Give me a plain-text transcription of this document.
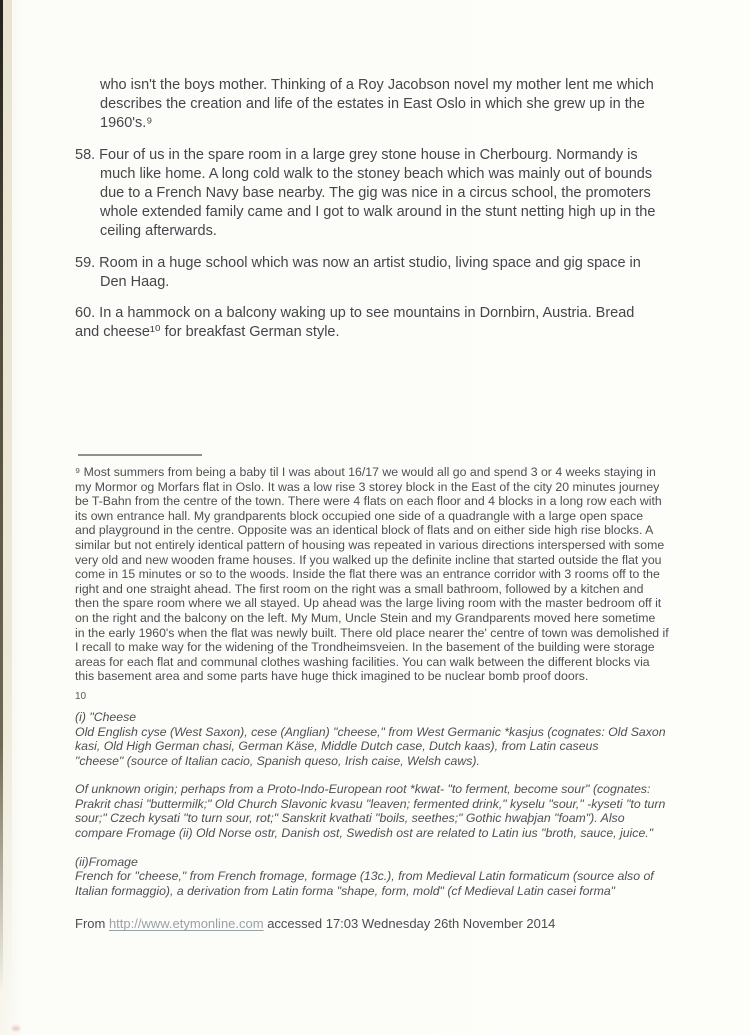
who isn't the boys mother. Thinking of a Roy Jacobson novel my mother lent me which
describes the creation and life of the estates in East Oslo in which she grew up in the
1960's.⁹

58. Four of us in the spare room in a large grey stone house in Cherbourg. Normandy is
much like home. A long cold walk to the stoney beach which was mainly out of bounds
due to a French Navy base nearby. The gig was nice in a circus school, the promoters
whole extended family came and I got to walk around in the stunt netting high up in the
ceiling afterwards.

59. Room in a huge school which was now an artist studio, living space and gig space in
Den Haag.

60. In a hammock on a balcony waking up to see mountains in Dornbirn, Austria. Bread
and cheese¹⁰ for breakfast German style.

⁹ Most summers from being a baby til I was about 16/17 we would all go and spend 3 or 4 weeks staying in
my Mormor og Morfars flat in Oslo. It was a low rise 3 storey block in the East of the city 20 minutes journey
be T-Bahn from the centre of the town. There were 4 flats on each floor and 4 blocks in a long row each with
its own entrance hall. My grandparents block occupied one side of a quadrangle with a large open space
and playground in the centre. Opposite was an identical block of flats and on either side high rise blocks. A
similar but not entirely identical pattern of housing was repeated in various directions interspersed with some
very old and new wooden frame houses. If you walked up the definite incline that started outside the flat you
come in 15 minutes or so to the woods. Inside the flat there was an entrance corridor with 3 rooms off to the
right and one straight ahead. The first room on the right was a small bathroom, followed by a kitchen and
then the spare room where we all stayed. Up ahead was the large living room with the master bedroom off it
on the right and the balcony on the left. My Mum, Uncle Stein and my Grandparents moved here sometime
in the early 1960's when the flat was newly built. There old place nearer the' centre of town was demolished if
I recall to make way for the widening of the Trondheimsveien. In the basement of the building were storage
areas for each flat and communal clothes washing facilities. You can walk between the different blocks via
this basement area and some parts have huge thick imagined to be nuclear bomb proof doors.

10

(i) "Cheese
Old English cyse (West Saxon), cese (Anglian) "cheese," from West Germanic *kasjus (cognates: Old Saxon
kasi, Old High German chasi, German Käse, Middle Dutch case, Dutch kaas), from Latin caseus
"cheese" (source of Italian cacio, Spanish queso, Irish caise, Welsh caws).

Of unknown origin; perhaps from a Proto-Indo-European root *kwat- "to ferment, become sour" (cognates:
Prakrit chasi "buttermilk;" Old Church Slavonic kvasu "leaven; fermented drink," kyselu "sour," -kyseti "to turn
sour;" Czech kysati "to turn sour, rot;" Sanskrit kvathati "boils, seethes;" Gothic hwaþjan "foam"). Also
compare Fromage (ii) Old Norse ostr, Danish ost, Swedish ost are related to Latin ius "broth, sauce, juice."

(ii)Fromage
French for "cheese," from French fromage, formage (13c.), from Medieval Latin formaticum (source also of
Italian formaggio), a derivation from Latin forma "shape, form, mold" (cf Medieval Latin casei forma"

From http://www.etymonline.com accessed 17:03 Wednesday 26th November 2014
